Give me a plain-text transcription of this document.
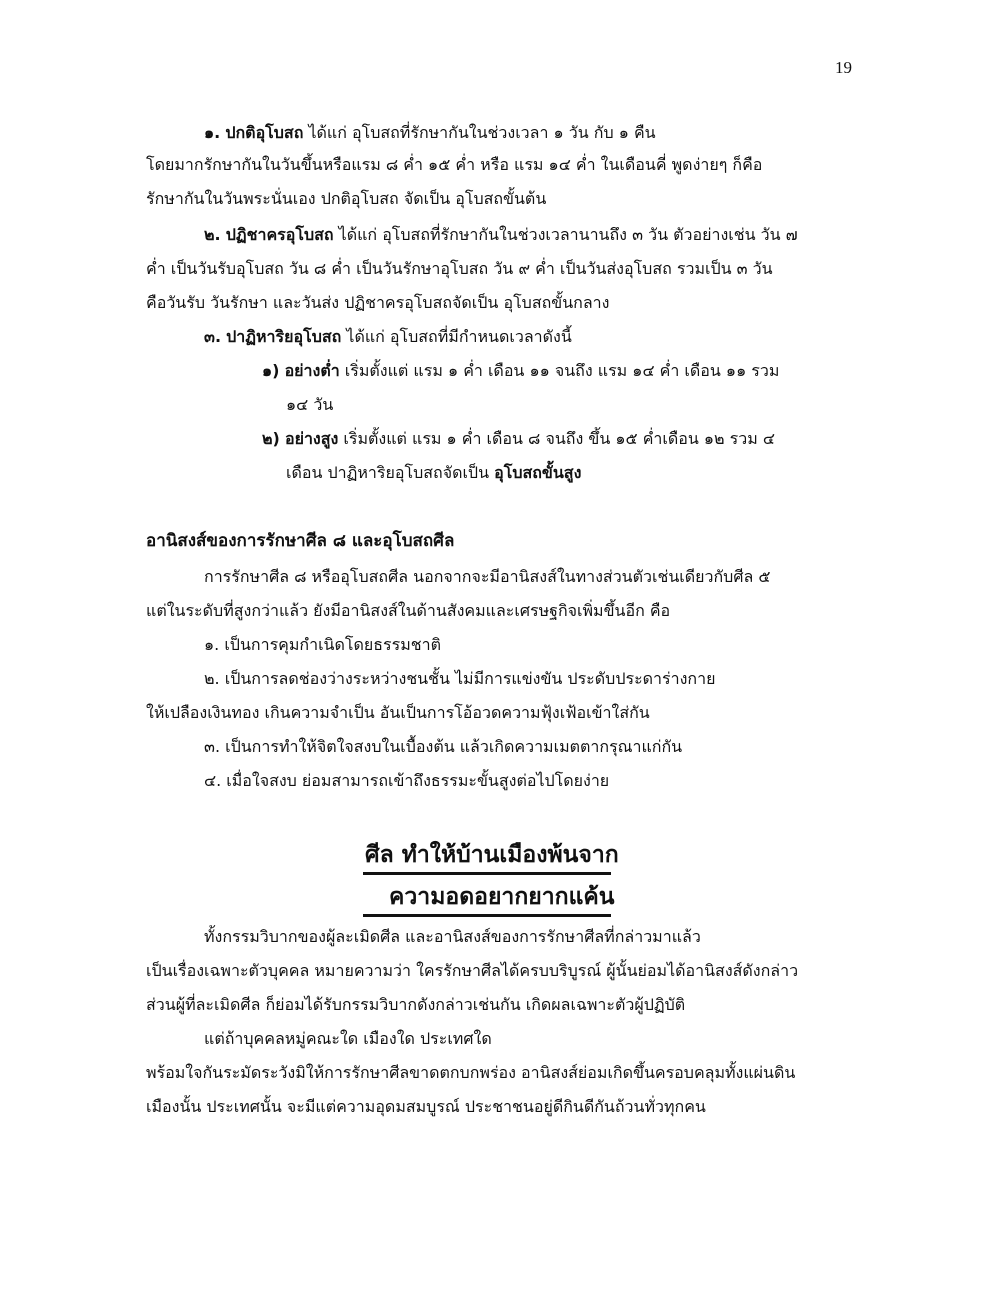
19
๑. ปกติอุโบสถ ได้แก่ อุโบสถที่รักษากันในช่วงเวลา ๑ วัน กับ ๑ คืน
โดยมากรักษากันในวันขึ้นหรือแรม ๘ ค่ำ ๑๕ ค่ำ หรือ แรม ๑๔ ค่ำ ในเดือนคี่ พูดง่ายๆ ก็คือ
รักษากันในวันพระนั่นเอง ปกติอุโบสถ จัดเป็น อุโบสถขั้นต้น
๒. ปฏิชาครอุโบสถ ได้แก่ อุโบสถที่รักษากันในช่วงเวลานานถึง ๓ วัน ตัวอย่างเช่น วัน ๗
ค่ำ เป็นวันรับอุโบสถ วัน ๘ ค่ำ เป็นวันรักษาอุโบสถ วัน ๙ ค่ำ เป็นวันส่งอุโบสถ รวมเป็น ๓ วัน
คือวันรับ วันรักษา และวันส่ง ปฏิชาครอุโบสถจัดเป็น อุโบสถขั้นกลาง
๓. ปาฏิหาริยอุโบสถ ได้แก่ อุโบสถที่มีกำหนดเวลาดังนี้
๑) อย่างต่ำ เริ่มตั้งแต่ แรม ๑ ค่ำ เดือน ๑๑ จนถึง แรม ๑๔ ค่ำ เดือน ๑๑ รวม
๑๔ วัน
๒) อย่างสูง เริ่มตั้งแต่ แรม ๑ ค่ำ เดือน ๘ จนถึง ขึ้น ๑๕ ค่ำเดือน ๑๒ รวม ๔
เดือน ปาฏิหาริยอุโบสถจัดเป็น อุโบสถขั้นสูง
อานิสงส์ของการรักษาศีล ๘ และอุโบสถศีล
การรักษาศีล ๘ หรืออุโบสถศีล นอกจากจะมีอานิสงส์ในทางส่วนตัวเช่นเดียวกับศีล ๕
แต่ในระดับที่สูงกว่าแล้ว ยังมีอานิสงส์ในด้านสังคมและเศรษฐกิจเพิ่มขึ้นอีก คือ
๑. เป็นการคุมกำเนิดโดยธรรมชาติ
๒. เป็นการลดช่องว่างระหว่างชนชั้น ไม่มีการแข่งขัน ประดับประดาร่างกาย
ให้เปลืองเงินทอง เกินความจำเป็น อันเป็นการโอ้อวดความฟุ้งเฟ้อเข้าใส่กัน
๓. เป็นการทำให้จิตใจสงบในเบื้องต้น แล้วเกิดความเมตตากรุณาแก่กัน
๔. เมื่อใจสงบ ย่อมสามารถเข้าถึงธรรมะขั้นสูงต่อไปโดยง่าย
ศีล ทำให้บ้านเมืองพ้นจาก
ความอดอยากยากแค้น
ทั้งกรรมวิบากของผู้ละเมิดศีล และอานิสงส์ของการรักษาศีลที่กล่าวมาแล้ว
เป็นเรื่องเฉพาะตัวบุคคล หมายความว่า ใครรักษาศีลได้ครบบริบูรณ์ ผู้นั้นย่อมได้อานิสงส์ดังกล่าว
ส่วนผู้ที่ละเมิดศีล ก็ย่อมได้รับกรรมวิบากดังกล่าวเช่นกัน เกิดผลเฉพาะตัวผู้ปฏิบัติ
แต่ถ้าบุคคลหมู่คณะใด เมืองใด ประเทศใด
พร้อมใจกันระมัดระวังมิให้การรักษาศีลขาดตกบกพร่อง อานิสงส์ย่อมเกิดขึ้นครอบคลุมทั้งแผ่นดิน
เมืองนั้น ประเทศนั้น จะมีแต่ความอุดมสมบูรณ์ ประชาชนอยู่ดีกินดีกันถ้วนทั่วทุกคน
